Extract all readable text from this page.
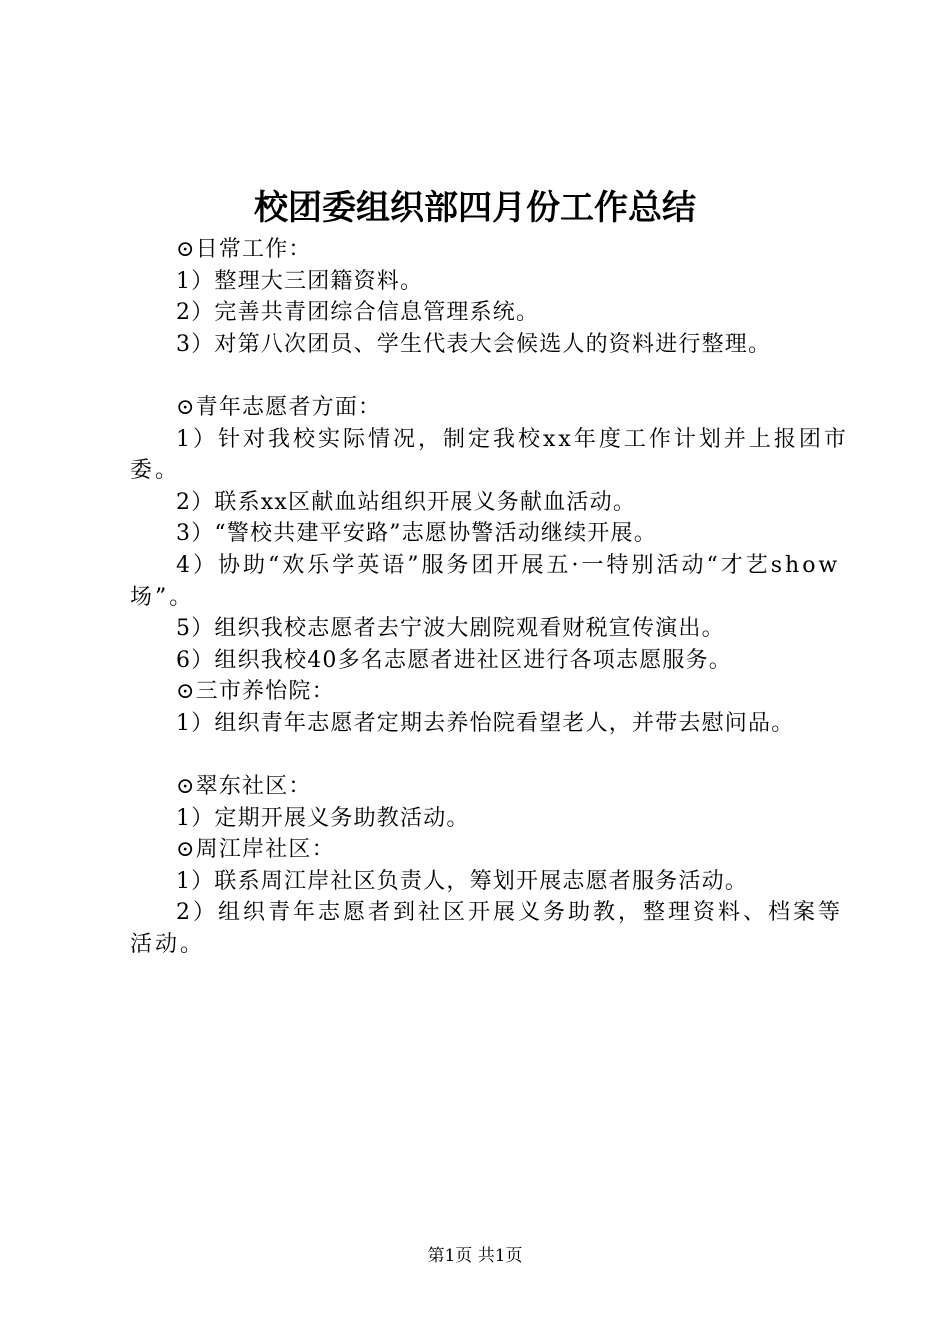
校团委组织部四月份工作总结

⊙日常工作：

1）整理大三团籍资料。

2）完善共青团综合信息管理系统。

3）对第八次团员、学生代表大会候选人的资料进行整理。

⊙青年志愿者方面：

1）针对我校实际情况，制定我校xx年度工作计划并上报团市委。

2）联系xx区献血站组织开展义务献血活动。

3）“警校共建平安路”志愿协警活动继续开展。

4）协助“欢乐学英语”服务团开展五·一特别活动“才艺show场”。

5）组织我校志愿者去宁波大剧院观看财税宣传演出。

6）组织我校40多名志愿者进社区进行各项志愿服务。

⊙三市养怡院：

1）组织青年志愿者定期去养怡院看望老人，并带去慰问品。

⊙翠东社区：

1）定期开展义务助教活动。

⊙周江岸社区：

1）联系周江岸社区负责人，筹划开展志愿者服务活动。

2）组织青年志愿者到社区开展义务助教，整理资料、档案等活动。

第1页 共1页
